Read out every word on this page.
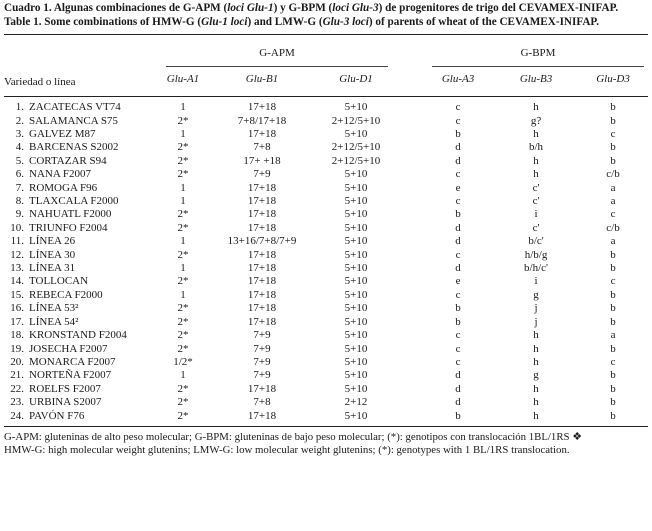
Cuadro 1. Algunas combinaciones de G-APM (loci Glu-1) y G-BPM (loci Glu-3) de progenitores de trigo del CEVAMEX-INIFAP.
Table 1. Some combinations of HMW-G (Glu-1 loci) and LMW-G (Glu-3 loci) of parents of wheat of the CEVAMEX-INIFAP.
Variedad o línea	G-APM				G-BPM		

	Glu-A1	Glu-B1	Glu-D1		Glu-A3	Glu-B3	Glu-D3

1. ZACATECAS VT74	1	17+18	5+10		c	h	b
2. SALAMANCA S75	2*	7+8/17+18	2+12/5+10		c	g?	b
3. GALVEZ M87	1	17+18	5+10		b	h	c
4. BARCENAS S2002	2*	7+8	2+12/5+10		d	b/h	b
5. CORTAZAR S94	2*	17+ +18	2+12/5+10		d	h	b
6. NANA F2007	2*	7+9	5+10		c	h	c/b
7. ROMOGA F96	1	17+18	5+10		e	c'	a
8. TLAXCALA F2000	1	17+18	5+10		c	c'	a
9. NAHUATL F2000	2*	17+18	5+10		b	i	c
10. TRIUNFO F2004	2*	17+18	5+10		d	c'	c/b
11. LÍNEA 26	1	13+16/7+8/7+9	5+10		d	b/c'	a
12. LÍNEA 30	2*	17+18	5+10		c	h/b/g	b
13. LÍNEA 31	1	17+18	5+10		d	b/h/c'	b
14. TOLLOCAN	2*	17+18	5+10		e	i	c
15. REBECA F2000	1	17+18	5+10		c	g	b
16. LÍNEA 53²	2*	17+18	5+10		b	j	b
17. LÍNEA 54²	2*	17+18	5+10		b	j	b
18. KRONSTAND F2004	2*	7+9	5+10		c	h	a
19. JOSECHA F2007	2*	7+9	5+10		c	h	b
20. MONARCA F2007	1/2*	7+9	5+10		c	h	c
21. NORTEÑA F2007	1	7+9	5+10		d	g	b
22. ROELFS F2007	2*	17+18	5+10		d	h	b
23. URBINA S2007	2*	7+8	2+12		d	h	b
24. PAVÓN F76	2*	17+18	5+10		b	h	b
G-APM: gluteninas de alto peso molecular; G-BPM: gluteninas de bajo peso molecular; (*): genotipos con translocación 1BL/1RS ❖
HMW-G: high molecular weight glutenins; LMW-G: low molecular weight glutenins; (*): genotypes with 1 BL/1RS translocation.
